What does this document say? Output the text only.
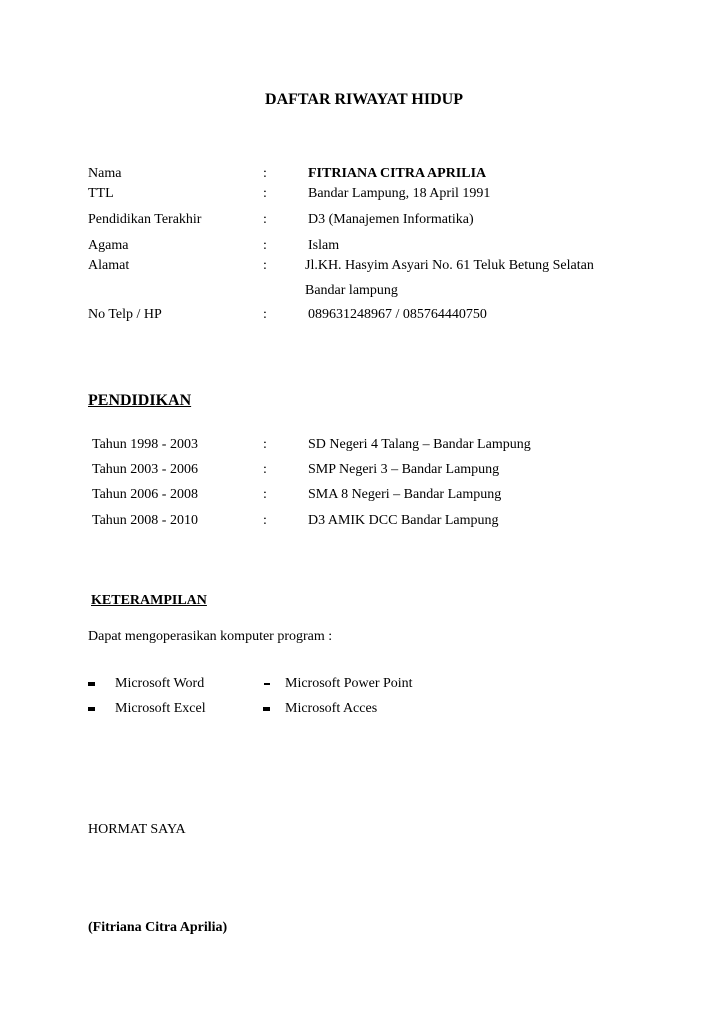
DAFTAR RIWAYAT HIDUP
Nama	:	FITRIANA CITRA APRILIA
TTL	:	Bandar Lampung, 18 April 1991
Pendidikan Terakhir	:	D3 (Manajemen Informatika)
Agama	:	Islam
Alamat	:	Jl.KH. Hasyim Asyari No. 61 Teluk Betung Selatan
Bandar lampung
No Telp / HP	:	089631248967 / 085764440750
PENDIDIKAN
Tahun 1998 - 2003	:	SD Negeri 4 Talang – Bandar Lampung
Tahun 2003 - 2006	:	SMP Negeri 3 – Bandar Lampung
Tahun 2006 - 2008	:	SMA 8 Negeri – Bandar Lampung
Tahun 2008 - 2010	:	D3 AMIK DCC Bandar Lampung
KETERAMPILAN
Dapat mengoperasikan komputer program :
Microsoft Word	Microsoft Power Point
Microsoft Excel	Microsoft Acces
HORMAT SAYA
(Fitriana Citra Aprilia)
